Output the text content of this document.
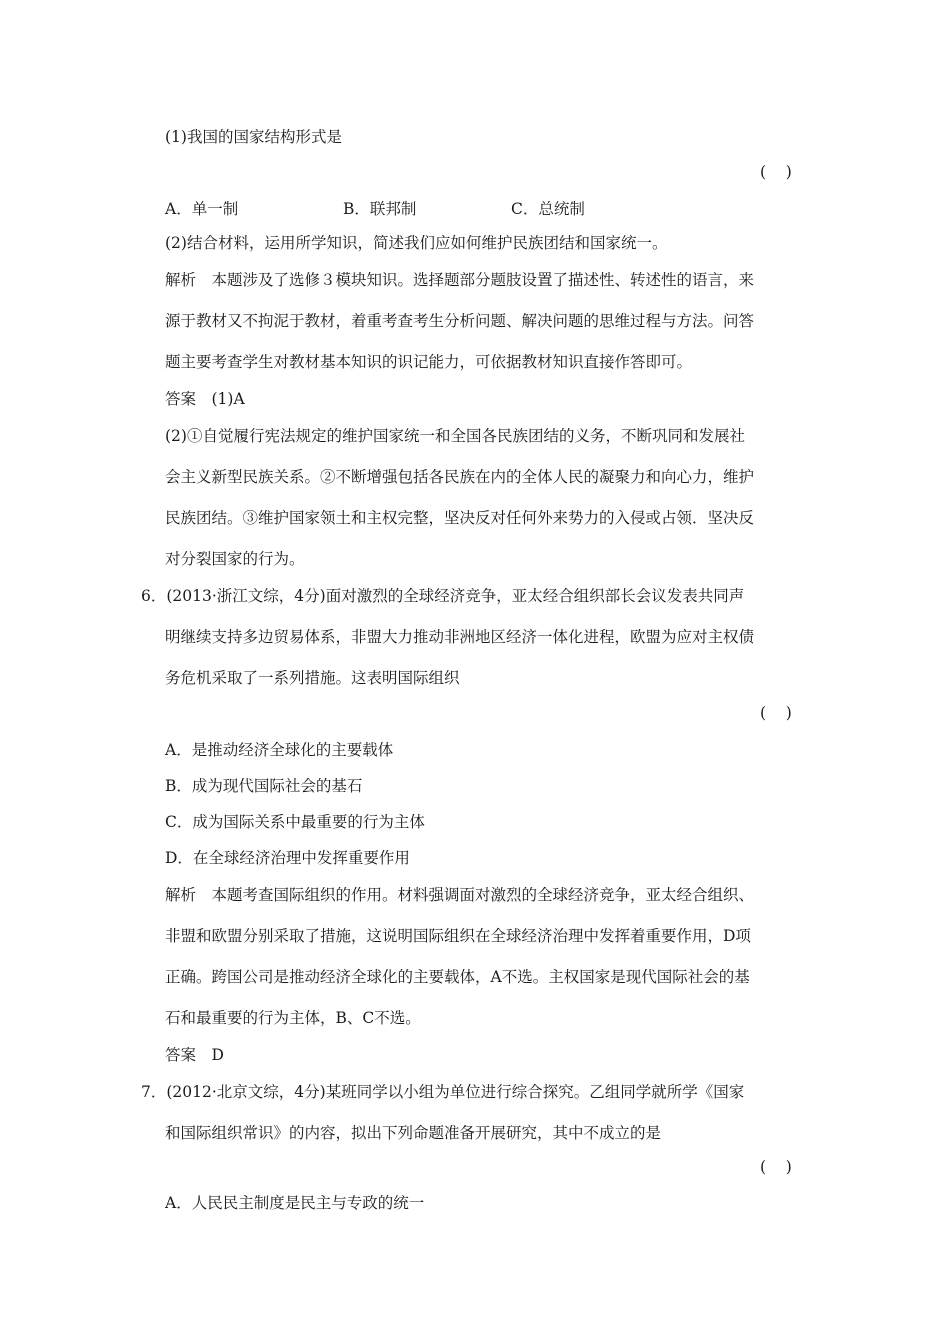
(1)我国的国家结构形式是
(    )
A．单一制	B．联邦制	C．总统制
(2)结合材料，运用所学知识，简述我们应如何维护民族团结和国家统一。
解析　本题涉及了选修３模块知识。选择题部分题肢设置了描述性、转述性的语言，来
源于教材又不拘泥于教材，着重考查考生分析问题、解决问题的思维过程与方法。问答
题主要考查学生对教材基本知识的识记能力，可依据教材知识直接作答即可。
答案　(1)A
(2)①自觉履行宪法规定的维护国家统一和全国各民族团结的义务，不断巩同和发展社
会主义新型民族关系。②不断增强包括各民族在内的全体人民的凝聚力和向心力，维护
民族团结。③维护国家领土和主权完整，坚决反对任何外来势力的入侵或占领．坚决反
对分裂国家的行为。
6．(2013·浙江文综，4分)面对激烈的全球经济竞争，亚太经合组织部长会议发表共同声
明继续支持多边贸易体系，非盟大力推动非洲地区经济一体化进程，欧盟为应对主权债
务危机采取了一系列措施。这表明国际组织
(    )
A．是推动经济全球化的主要载体
B．成为现代国际社会的基石
C．成为国际关系中最重要的行为主体
D．在全球经济治理中发挥重要作用
解析　本题考查国际组织的作用。材料强调面对激烈的全球经济竞争，亚太经合组织、
非盟和欧盟分别采取了措施，这说明国际组织在全球经济治理中发挥着重要作用，D项
正确。跨国公司是推动经济全球化的主要载体，A不选。主权国家是现代国际社会的基
石和最重要的行为主体，B、C不选。
答案　D
7．(2012·北京文综，4分)某班同学以小组为单位进行综合探究。乙组同学就所学《国家
和国际组织常识》的内容，拟出下列命题准备开展研究，其中不成立的是
(    )
A．人民民主制度是民主与专政的统一
